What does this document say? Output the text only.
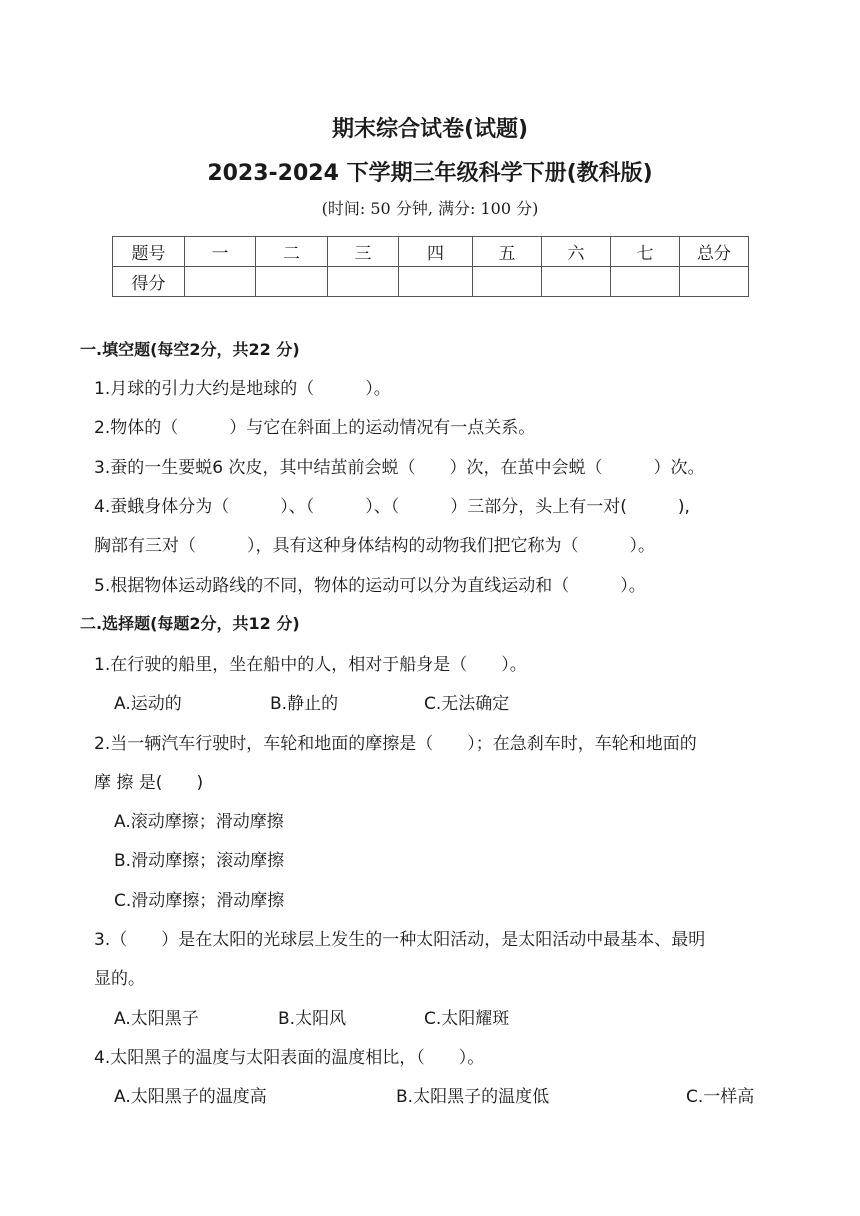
期末综合试卷(试题)
2023-2024 下学期三年级科学下册(教科版)
(时间: 50 分钟, 满分: 100 分)
题号	一	二	三	四	五	六	七	总分
得分								
一.填空题(每空2分，共22 分)
1.月球的引力大约是地球的（　　　）。
2.物体的（　　　）与它在斜面上的运动情况有一点关系。
3.蚕的一生要蜕6 次皮，其中结茧前会蜕（　　）次，在茧中会蜕（　　　）次。
4.蚕蛾身体分为（　　　）、（　　　）、（　　　）三部分，头上有一对(　　　),
胸部有三对（　　　），具有这种身体结构的动物我们把它称为（　　　）。
5.根据物体运动路线的不同，物体的运动可以分为直线运动和（　　　）。
二.选择题(每题2分，共12 分)
1.在行驶的船里，坐在船中的人，相对于船身是（　　）。
A.运动的	B.静止的	C.无法确定
2.当一辆汽车行驶时，车轮和地面的摩擦是（　　）；在急刹车时，车轮和地面的
摩 擦 是(　　)
A.滚动摩擦；滑动摩擦
B.滑动摩擦；滚动摩擦
C.滑动摩擦；滑动摩擦
3.（　　）是在太阳的光球层上发生的一种太阳活动，是太阳活动中最基本、最明
显的。
A.太阳黑子	B.太阳风	C.太阳耀斑
4.太阳黑子的温度与太阳表面的温度相比，（　　）。
A.太阳黑子的温度高	B.太阳黑子的温度低	C.一样高
